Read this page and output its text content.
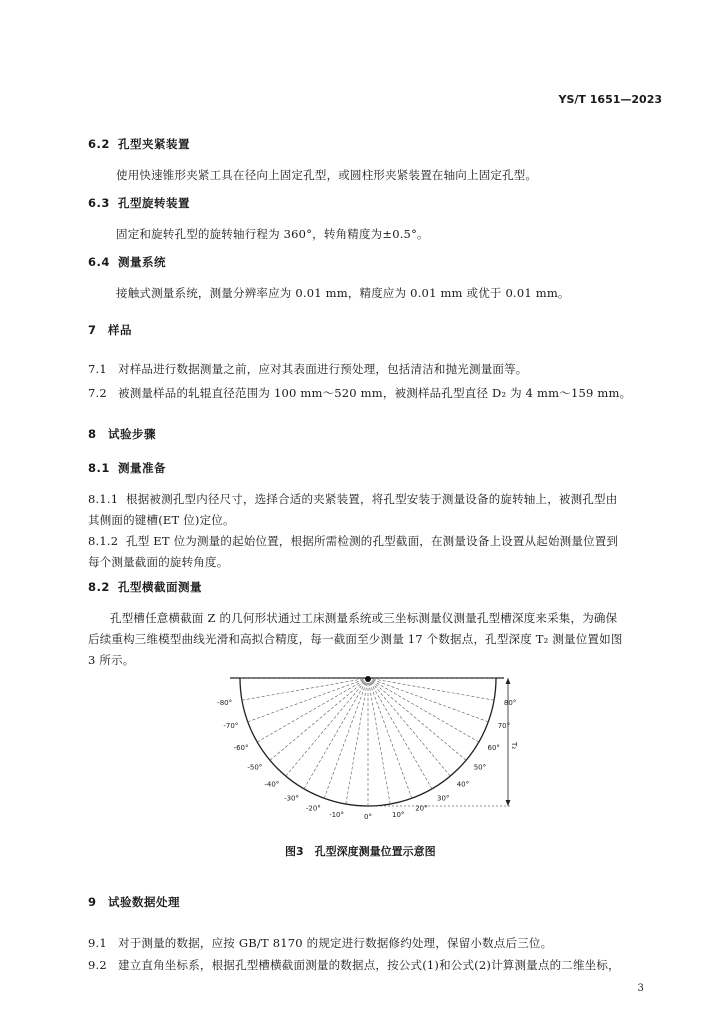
YS/T 1651—2023
6.2 孔型夹紧装置
使用快速锥形夹紧工具在径向上固定孔型，或圆柱形夹紧装置在轴向上固定孔型。
6.3 孔型旋转装置
固定和旋转孔型的旋转轴行程为 360°，转角精度为±0.5°。
6.4 测量系统
接触式测量系统，测量分辨率应为 0.01 mm，精度应为 0.01 mm 或优于 0.01 mm。
7 样品
7.1 对样品进行数据测量之前，应对其表面进行预处理，包括清洁和抛光测量面等。
7.2 被测量样品的轧辊直径范围为 100 mm～520 mm，被测样品孔型直径 D₂ 为 4 mm～159 mm。
8 试验步骤
8.1 测量准备
8.1.1 根据被测孔型内径尺寸，选择合适的夹紧装置，将孔型安装于测量设备的旋转轴上，被测孔型由
其侧面的键槽(ET 位)定位。
8.1.2 孔型 ET 位为测量的起始位置，根据所需检测的孔型截面，在测量设备上设置从起始测量位置到
每个测量截面的旋转角度。
8.2 孔型横截面测量
孔型槽任意横截面 Z 的几何形状通过工床测量系统或三坐标测量仪测量孔型槽深度来采集，为确保
后续重构三维模型曲线光滑和高拟合精度，每一截面至少测量 17 个数据点，孔型深度 T₂ 测量位置如图
3 所示。
T₂
-80°
-70°
-60°
-50°
-40°
-30°
-20°
-10°	0°
80°
70°
60°
50°
40°
30°
20°
10°
图3　孔型深度测量位置示意图
9 试验数据处理
9.1 对于测量的数据，应按 GB/T 8170 的规定进行数据修约处理，保留小数点后三位。
9.2 建立直角坐标系，根据孔型槽横截面测量的数据点，按公式(1)和公式(2)计算测量点的二维坐标，
3
